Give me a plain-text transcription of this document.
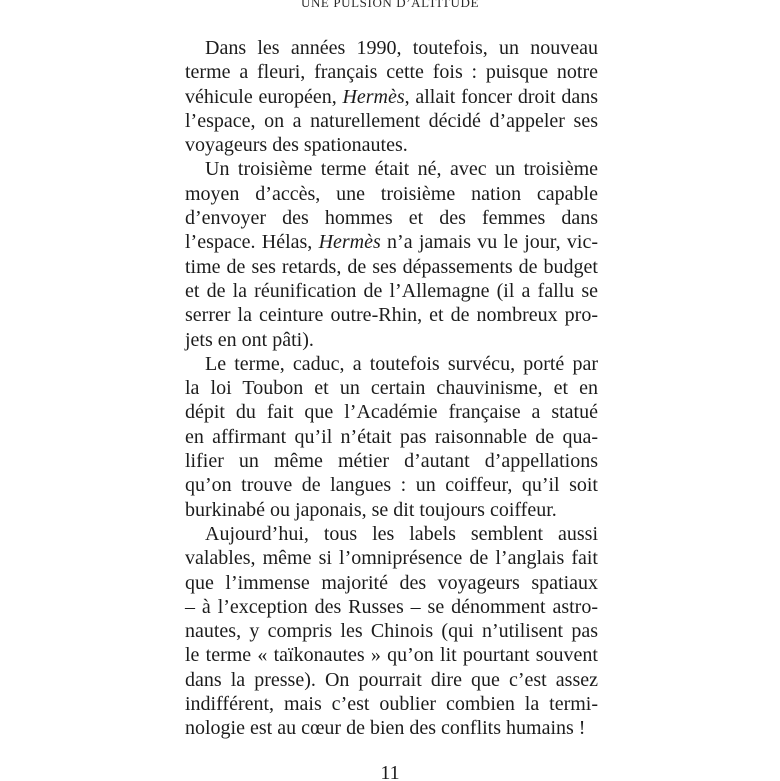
UNE PULSION D’ALTITUDE
Dans les années 1990, toutefois, un nouveau
terme a fleuri, français cette fois : puisque notre
véhicule européen, Hermès, allait foncer droit dans
l’espace, on a naturellement décidé d’appeler ses
voyageurs des spationautes.
Un troisième terme était né, avec un troisième
moyen d’accès, une troisième nation capable
d’envoyer des hommes et des femmes dans
l’espace. Hélas, Hermès n’a jamais vu le jour, vic-
time de ses retards, de ses dépassements de budget
et de la réunification de l’Allemagne (il a fallu se
serrer la ceinture outre-Rhin, et de nombreux pro-
jets en ont pâti).
Le terme, caduc, a toutefois survécu, porté par
la loi Toubon et un certain chauvinisme, et en
dépit du fait que l’Académie française a statué
en affirmant qu’il n’était pas raisonnable de qua-
lifier un même métier d’autant d’appellations
qu’on trouve de langues : un coiffeur, qu’il soit
burkinabé ou japonais, se dit toujours coiffeur.
Aujourd’hui, tous les labels semblent aussi
valables, même si l’omniprésence de l’anglais fait
que l’immense majorité des voyageurs spatiaux
– à l’exception des Russes – se dénomment astro-
nautes, y compris les Chinois (qui n’utilisent pas
le terme « taïkonautes » qu’on lit pourtant souvent
dans la presse). On pourrait dire que c’est assez
indifférent, mais c’est oublier combien la termi-
nologie est au cœur de bien des conflits humains !
11
